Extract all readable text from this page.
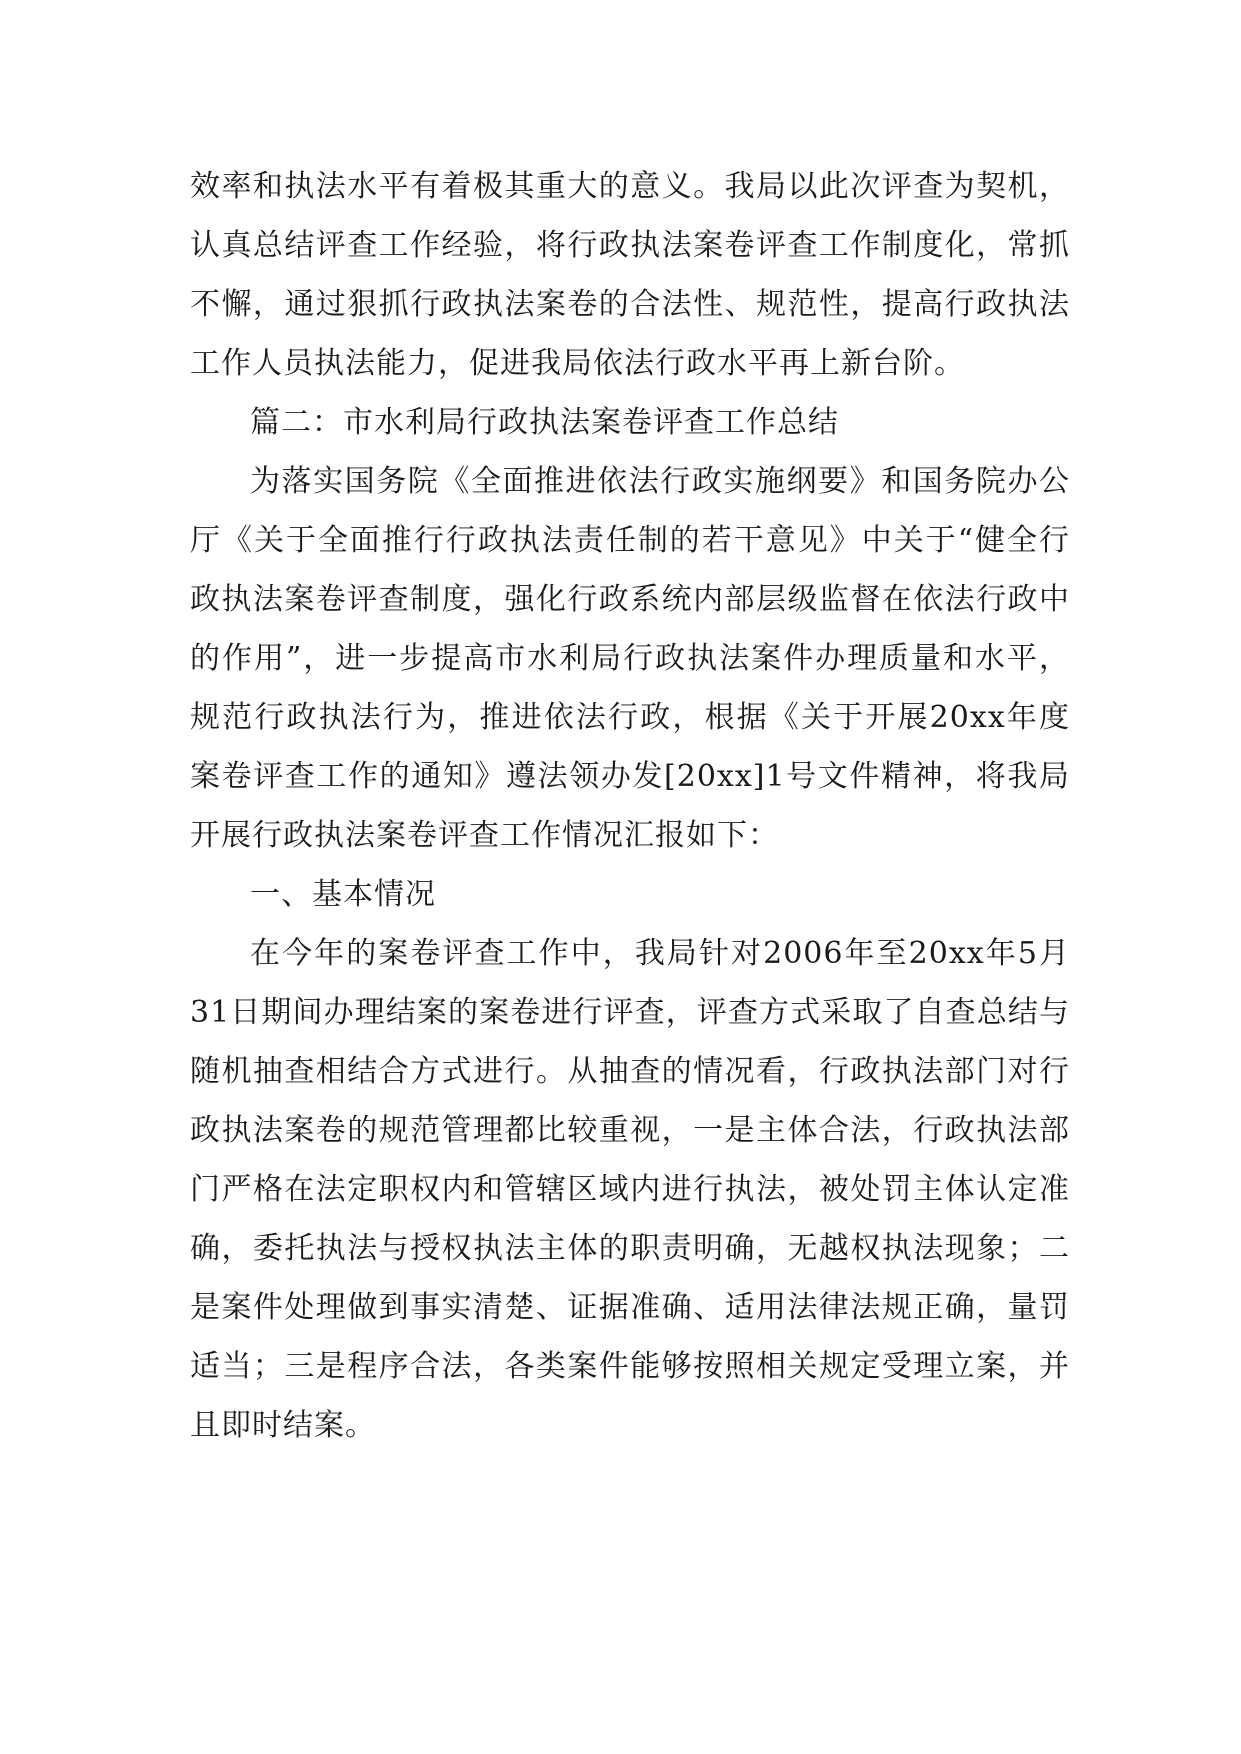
效率和执法水平有着极其重大的意义。我局以此次评查为契机，认真总结评查工作经验，将行政执法案卷评查工作制度化，常抓不懈，通过狠抓行政执法案卷的合法性、规范性，提高行政执法工作人员执法能力，促进我局依法行政水平再上新台阶。

篇二：市水利局行政执法案卷评查工作总结

为落实国务院《全面推进依法行政实施纲要》和国务院办公厅《关于全面推行行政执法责任制的若干意见》中关于“健全行政执法案卷评查制度，强化行政系统内部层级监督在依法行政中的作用”，进一步提高市水利局行政执法案件办理质量和水平，规范行政执法行为，推进依法行政，根据《关于开展20xx年度案卷评查工作的通知》遵法领办发[20xx]1号文件精神，将我局开展行政执法案卷评查工作情况汇报如下：

一、基本情况

在今年的案卷评查工作中，我局针对2006年至20xx年5月31日期间办理结案的案卷进行评查，评查方式采取了自查总结与随机抽查相结合方式进行。从抽查的情况看，行政执法部门对行政执法案卷的规范管理都比较重视，一是主体合法，行政执法部门严格在法定职权内和管辖区域内进行执法，被处罚主体认定准确，委托执法与授权执法主体的职责明确，无越权执法现象；二是案件处理做到事实清楚、证据准确、适用法律法规正确，量罚适当；三是程序合法，各类案件能够按照相关规定受理立案，并且即时结案。
